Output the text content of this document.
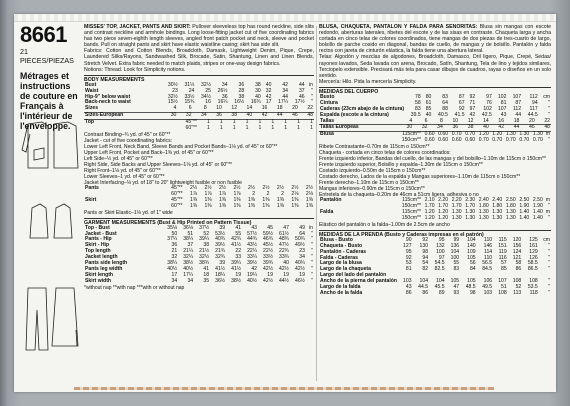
8661
21 PIECES/PIEZAS
Métrages et instructions de couture en Français à l'intérieur de l'enveloppe.
MISSES' TOP, JACKET, PANTS AND SKIRT: Pullover sleeveless top has round neckline, side slits and contrast neckline and armhole bindings. Long loose-fitting jacket cut of five coordinating fabrics has two piece seven-eighth length sleeves, angled front patch pocket and neck, sleeve and pocket bands. Pull on straight pants and skirt have elastic waistline casing; skirt has side slit.
Fabrics: Cotton and Cotton Blends, Broadcloth, Damask, Lightweight Denim, Pique, Crepe, Laundered Silks/Rayons, Sandwashed Silk, Brocade, Satin, Shantung, Linen and Linen Blends, Stretch Velvet. Extra fabric needed to match plaids, stripes or one-way design fabrics.
Notions: Thread. Look for Simplicity notions.
BODY MEASUREMENTS
Bust	30½	31½	32½	34	36	38	40	42	44	in
Waist	23	24	25	26½	28	30	32	34	37	"
Hip-9" below waist	32½	33½	34½	36	38	40	42	44	46	"
Back-neck to waist	15½	15¾	16	16¼	16½	16¾	17	17¼	17½	"
Sizes	4	6	8	10	12	14	16	18	20	22
Sizes-European	30	32	34	36	38	40	42	44	46	48
Top	45"**	1	1	1	1	1	1	1	1	1
	60"**	1	1	1	1	1	1	1	1	1
Contrast Binding–¾ yd. of 45" or 60"**
Jacket - cut of five coordinating fabrics:
Lower Left Front, Neck Band, Sleeve Bands and Pocket Bands–1⅛ yd. of 45" or 60"**
Upper Left Front, Pocket and Back–1⅜ yd. of 45" or 60"**
Left Side–½ yd. of 45" or 60"**
Right Side, Side Backs and Upper Sleeves–1⅛ yd. of 45" or 60"**
Right Front–1⅛ yd. of 45" or 60"**
Lower Sleeves–1 yd. of 45" or 60"**
Jacket Interfacing–⅛ yd. of 18" to 20" lightweight fusible or non fusible
Pants	45"**	2½	2½	2½	2½	2½	2½	2½	2½	2½
	60"**	1⅞	1⅞	1⅞	1⅞	2	2	2	2⅛	2⅛
Skirt	45"**	1⅜	1⅜	1⅜	1⅜	1⅜	1⅜	1⅜	1⅜	1⅜
	60"**	1⅜	1⅜	1⅜	1⅜	1⅜	1⅜	1⅜	1⅜	1⅜
Pants or Skirt Elastic–1⅛ yd. of 1" wide
GARMENT MEASUREMENTS (Bust & Hip Printed on Pattern Tissue)
Top - Bust	35⅛	36⅛	37½	39	41	43	45	47	49	in
Jacket - Bust	50	51	52	53½	55	57½	59½	61½	64	"
Pants - Hip	37¼	38¼	39¼	40¾	42¾	44¾	46¾	48¾	50¾	"
Skirt - Hip	36	37	38	39½	41½	43½	45½	47½	49½	"
Top length	21	21¼	21½	21¾	22	22¼	22½	22¾	23	"
Jacket length	32	32¼	32½	32¾	33	33¼	33½	33¾	34	"
Pants side length	38¼	38½	38¾	39	39¼	39½	39¾	40	40¼	"
Pants leg width	40½	40½	41	41½	41½	42	42½	42½	42½	"
Skirt length	17	17¼	18	18¼	19	19¼	19	19	19	"
Skirt width	34	34	35	36½	38½	40½	42½	44½	46½	"
*without nap **with nap ***with or without nap
BLUSA, CHAQUETA, PANTALÓN Y FALDA PARA SEÑORITAS: Blusa sin mangas con escote redondo, aberturas laterales, ribetes del escote y de las sisas en contraste. Chaqueta larga y ancha cortada en cinco telas de colores coordinados, tiene mangas de dos piezas de tres-cuarto de largo, bolsillo de parche cosido en diagonal, bandas de cuello, de mangas y de bolsillo. Pantalón y falda rectos con jareta de cinturón elástica, la falda tiene una abertura lateral.
Telas: Algodón y mezclas de algodones, Broadcloth, Damasco, Dril ligero, Pique, Crepé, Sedas/ rayones lavados, Seda lavada con arena, Brocado, Satín, Shantung, Tela de lino y tejidos similares, Terciopelo extensible. Precisará más tela para casar dibujos de cuadros, rayas o diseños en un solo sentido.
Mercería: Hilo. Pida la mercería Simplicity.
MEDIDAS DEL CUERPO
Busto	78	80	83	87	92	97	102	107	112	cm
Cintura	58	61	64	67	71	76	81	87	94	"
Caderas (23cm abajo de la cintura)	83	85	88	92	97	102	107	112	117	"
Espalda (escote a la cintura)	39.5	40	40.5	41.5	42	42.5	43	44	44.5	"
Tallas	4	6	8	10	12	14	16	18	20	22
Tallas Europeas	30	32	34	36	38	40	42	44	46	48
Blusa	115cm**	0.60	0.60	0.70	0.70	1.20	1.20	1.30	1.30	1.30	m
	150cm**	0.60	0.60	0.60	0.60	0.70	0.70	0.70	0.70	0.70	"
Ribete Contrastante–0.70m de 115cm o 150cm**
Chaqueta - cortada en cinco telas de colores coordinados:
Frente izquierdo inferior, Bandas del cuello, de las mangas y del bolsillo–1.10m de 115cm o 150cm**
Frente izquierdo superior, Bolsillo y espalda–1.30m de 115cm o 150cm**
Costado izquierdo–0.50m de 115cm o 150cm**
Costado derecho, Lados de la espalda y Mangas superiores–1.10m de 115cm o 150cm**
Frente derecho–1.10m de 115cm o 150cm**
Mangas inferiores–0.90m de 115cm o 150cm**
Entretela de la chaqueta–0.20m de 46cm a 51cm ligera, adhesiva o no
Pantalón	115cm**	2.10	2.20	2.20	2.30	2.40	2.40	2.50	2.50	2.50	m
	150cm**	1.70	1.70	1.70	1.70	1.80	1.80	1.80	1.90	1.90	"
Falda	115cm**	1.20	1.20	1.30	1.30	1.30	1.30	1.30	1.40	1.40	m
	150cm**	1.20	1.20	1.30	1.30	1.30	1.30	1.30	1.40	1.40	"
Elástico del pantalón o la falda–1.00m de 2.5cm de ancho
MEDIDAS DE LA PRENDA (Busto y Caderas impresas en el patrón)
Blusa - Busto	90	92	95	99	104	110	115	120	125	cm
Chaqueta - Busto	127	130	132	136	140	146	151	156	161	"
Pantalón - Caderas	95	98	100	104	109	114	119	124	129	"
Falda - Caderas	92	94	97	100	105	110	116	121	126	"
Largo de la blusa	53	54	54.5	55	56	56.5	57	58	58.5	"
Largo de la chaqueta	81	82	82.5	83	84	84.5	85	86	86.5	"
Largo del lado del pantalón										
Ancho de la pierna del pantalón	103	104	104	105	105	106	107	108	108	"
Largo de la falda	43	44.5	45.5	47	48.5	49.5	51	52	53.5	"
Ancho de la falda	86	86	89	93	98	103	108	113	118	"
